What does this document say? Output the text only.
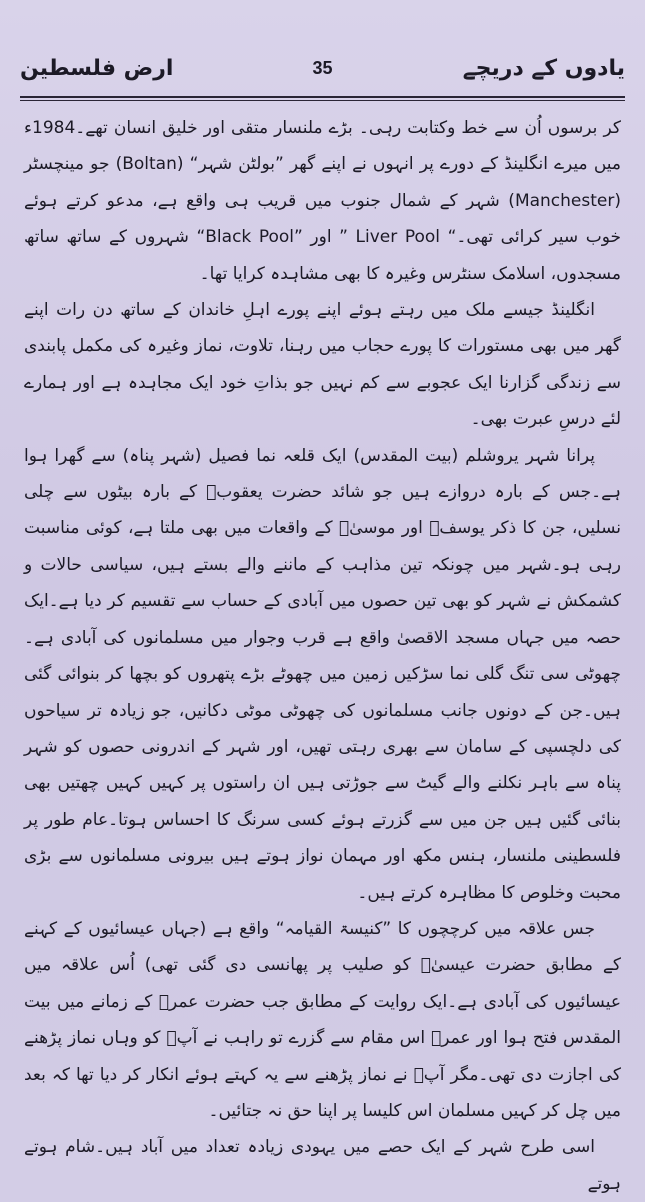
یادوں کے دریچے
35
ارض فلسطین

کر برسوں اُن سے خط وکتابت رہی۔ بڑے ملنسار متقی اور خلیق انسان تھے۔1984ء میں میرے انگلینڈ کے دورے پر انہوں نے اپنے گھر ”بولٹن شہر“ (Boltan) جو مینچسٹر (Manchester) شہر کے شمال جنوب میں قریب ہی واقع ہے، مدعو کرتے ہوئے خوب سیر کرائی تھی۔“ Liver Pool ” اور ”Black Pool“ شہروں کے ساتھ ساتھ مسجدوں، اسلامک سنٹرس وغیرہ کا بھی مشاہدہ کرایا تھا۔

انگلینڈ جیسے ملک میں رہتے ہوئے اپنے پورے اہلِ خاندان کے ساتھ دن رات اپنے گھر میں بھی مستورات کا پورے حجاب میں رہنا، تلاوت، نماز وغیرہ کی مکمل پابندی سے زندگی گزارنا ایک عجوبے سے کم نہیں جو بذاتِ خود ایک مجاہدہ ہے اور ہمارے لئے درسِ عبرت بھی۔

پرانا شہر یروشلم (بیت المقدس) ایک قلعہ نما فصیل (شہر پناہ) سے گھرا ہوا ہے۔جس کے بارہ دروازے ہیں جو شائد حضرت یعقوبؑ کے بارہ بیٹوں سے چلی نسلیں، جن کا ذکر یوسفؑ اور موسیٰؑ کے واقعات میں بھی ملتا ہے، کوئی مناسبت رہی ہو۔شہر میں چونکہ تین مذاہب کے ماننے والے بستے ہیں، سیاسی حالات و کشمکش نے شہر کو بھی تین حصوں میں آبادی کے حساب سے تقسیم کر دیا ہے۔ایک حصہ میں جہاں مسجد الاقصیٰ واقع ہے قرب وجوار میں مسلمانوں کی آبادی ہے۔چھوٹی سی تنگ گلی نما سڑکیں زمین میں چھوٹے بڑے پتھروں کو بچھا کر بنوائی گئی ہیں۔جن کے دونوں جانب مسلمانوں کی چھوٹی موٹی دکانیں، جو زیادہ تر سیاحوں کی دلچسپی کے سامان سے بھری رہتی تھیں، اور شہر کے اندرونی حصوں کو شہر پناہ سے باہر نکلنے والے گیٹ سے جوڑتی ہیں ان راستوں پر کہیں کہیں چھتیں بھی بنائی گئیں ہیں جن میں سے گزرتے ہوئے کسی سرنگ کا احساس ہوتا۔عام طور پر فلسطینی ملنسار، ہنس مکھ اور مہمان نواز ہوتے ہیں بیرونی مسلمانوں سے بڑی محبت وخلوص کا مظاہرہ کرتے ہیں۔

جس علاقہ میں کرچچوں کا ”کنیسۃ القیامہ“ واقع ہے (جہاں عیسائیوں کے کہنے کے مطابق حضرت عیسیٰؑ کو صلیب پر پھانسی دی گئی تھی) اُس علاقہ میں عیسائیوں کی آبادی ہے۔ایک روایت کے مطابق جب حضرت عمرؓ کے زمانے میں بیت المقدس فتح ہوا اور عمرؓ اس مقام سے گزرے تو راہب نے آپؓ کو وہاں نماز پڑھنے کی اجازت دی تھی۔مگر آپؓ نے نماز پڑھنے سے یہ کہتے ہوئے انکار کر دیا تھا کہ بعد میں چل کر کہیں مسلمان اس کلیسا پر اپنا حق نہ جتائیں۔

اسی طرح شہر کے ایک حصے میں یہودی زیادہ تعداد میں آباد ہیں۔شام ہوتے ہوتے
